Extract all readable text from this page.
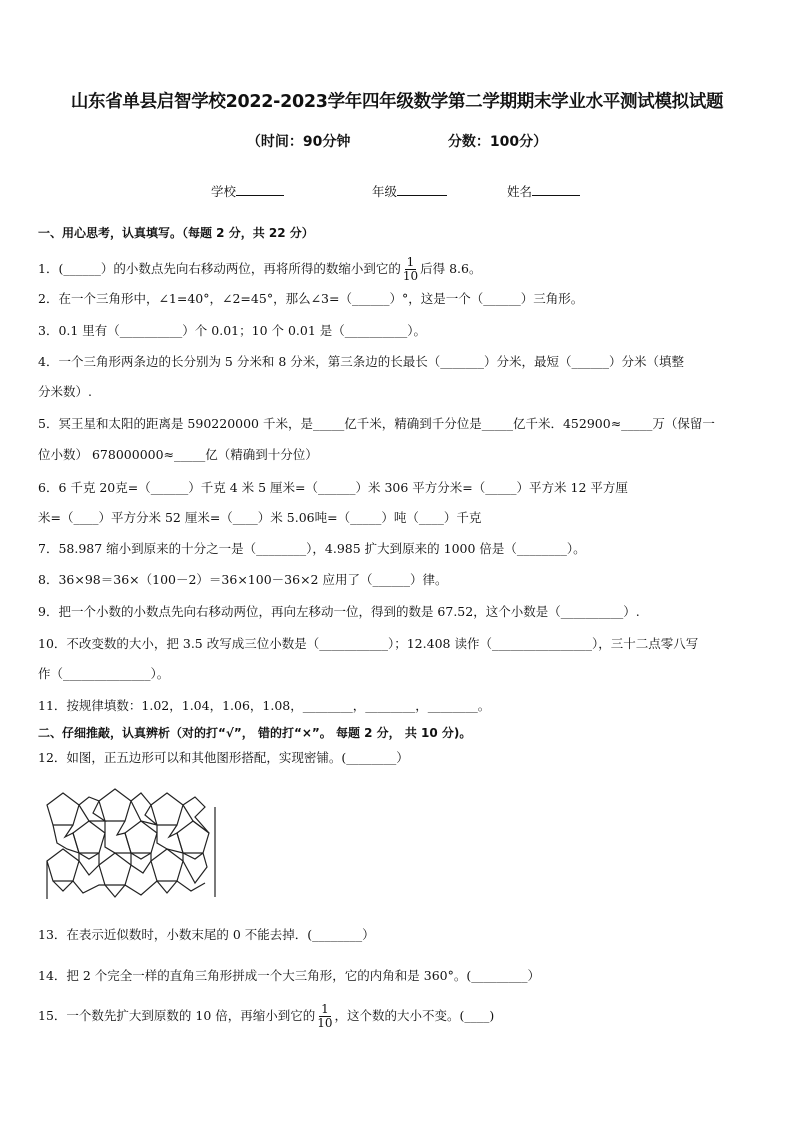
山东省单县启智学校2022-2023学年四年级数学第二学期期末学业水平测试模拟试题
（时间：90分钟                    分数：100分）
学校	年级	姓名
一、用心思考，认真填写。（每题 2 分，共 22 分）
1．(______）的小数点先向右移动两位，再将所得的数缩小到它的 $\frac{1}{10}$ 后得 8.6。
2．在一个三角形中，∠1=40°，∠2=45°，那么∠3=（______）°，这是一个（______）三角形。
3．0.1 里有（__________）个 0.01；10 个 0.01 是（__________）。
4．一个三角形两条边的长分别为 5 分米和 8 分米，第三条边的长最长（_______）分米，最短（______）分米（填整
分米数）.
5．冥王星和太阳的距离是 590220000 千米，是_____亿千米，精确到千分位是_____亿千米．452900≈_____万（保留一
位小数） 678000000≈_____亿（精确到十分位）
6．6 千克 20克=（______）千克 4 米 5 厘米=（______）米 306 平方分米=（_____）平方米 12 平方厘
米=（____）平方分米 52 厘米=（____）米 5.06吨=（_____）吨（____）千克
7．58.987 缩小到原来的十分之一是（________），4.985 扩大到原来的 1000 倍是（________）。
8．36×98＝36×（100－2）＝36×100－36×2 应用了（______）律。
9．把一个小数的小数点先向右移动两位，再向左移动一位，得到的数是 67.52，这个小数是（__________）.
10．不改变数的大小，把 3.5 改写成三位小数是（___________）；12.408 读作（________________），三十二点零八写
作（______________）。
11．按规律填数：1.02，1.04，1.06，1.08，________，________，________。
二、仔细推敲，认真辨析（对的打“√”， 错的打“×”。 每题 2 分， 共 10 分)。
12．如图，正五边形可以和其他图形搭配，实现密铺。(________）
13．在表示近似数时，小数末尾的 0 不能去掉．(________）
14．把 2 个完全一样的直角三角形拼成一个大三角形，它的内角和是 360°。(_________）
15．一个数先扩大到原数的 10 倍，再缩小到它的 $\frac{1}{10}$ ，这个数的大小不变。(____)
